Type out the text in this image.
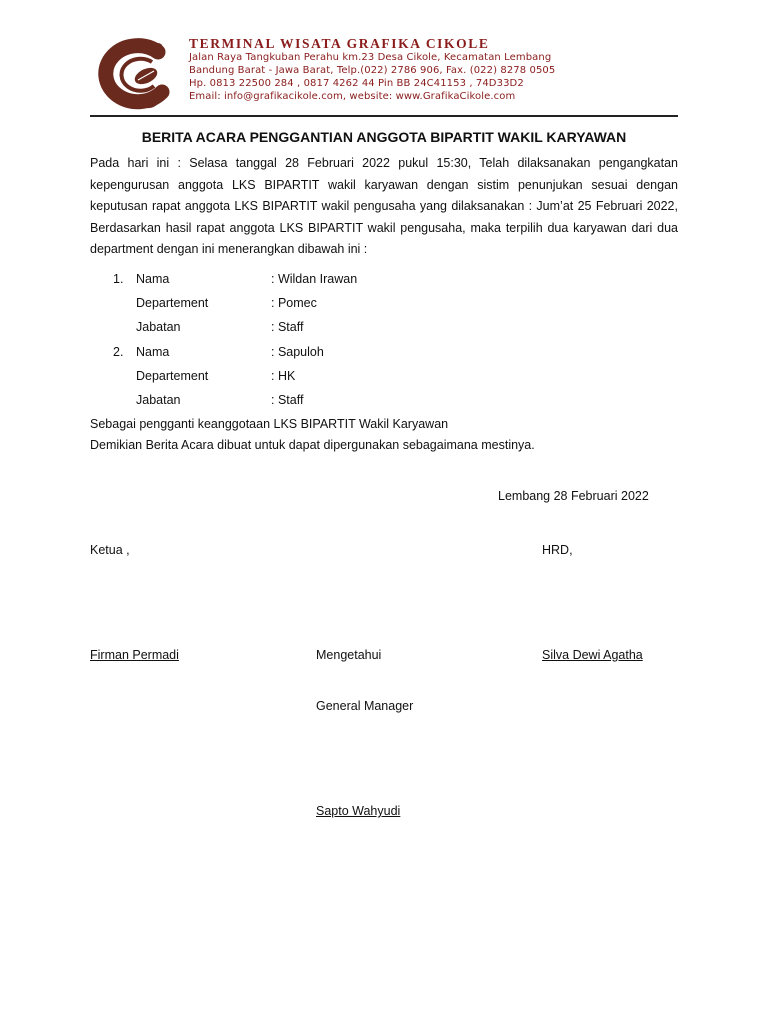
TERMINAL WISATA GRAFIKA CIKOLE
Jalan Raya Tangkuban Perahu km.23 Desa Cikole, Kecamatan Lembang
Bandung Barat - Jawa Barat, Telp.(022) 2786 906, Fax. (022) 8278 0505
Hp. 0813 22500 284 , 0817 4262 44 Pin BB 24C41153 , 74D33D2
Email: info@grafikacikole.com, website: www.GrafikaCikole.com
BERITA ACARA PENGGANTIAN ANGGOTA BIPARTIT WAKIL KARYAWAN
Pada hari ini : Selasa tanggal 28 Februari 2022 pukul 15:30, Telah dilaksanakan pengangkatan kepengurusan anggota LKS BIPARTIT wakil karyawan dengan sistim penunjukan sesuai dengan keputusan rapat anggota LKS BIPARTIT wakil pengusaha yang dilaksanakan : Jum’at 25 Februari 2022, Berdasarkan hasil rapat anggota LKS BIPARTIT wakil pengusaha, maka terpilih dua karyawan dari dua department dengan ini menerangkan dibawah ini :
1. Nama	: Wildan Irawan
Departement	: Pomec
Jabatan	: Staff
2. Nama	: Sapuloh
Departement	: HK
Jabatan	: Staff
Sebagai pengganti keanggotaan LKS BIPARTIT Wakil Karyawan
Demikian Berita Acara dibuat untuk dapat dipergunakan sebagaimana mestinya.
Lembang 28 Februari 2022
Ketua ,	HRD,
Firman Permadi	Mengetahui	Silva Dewi Agatha
General Manager
Sapto Wahyudi
